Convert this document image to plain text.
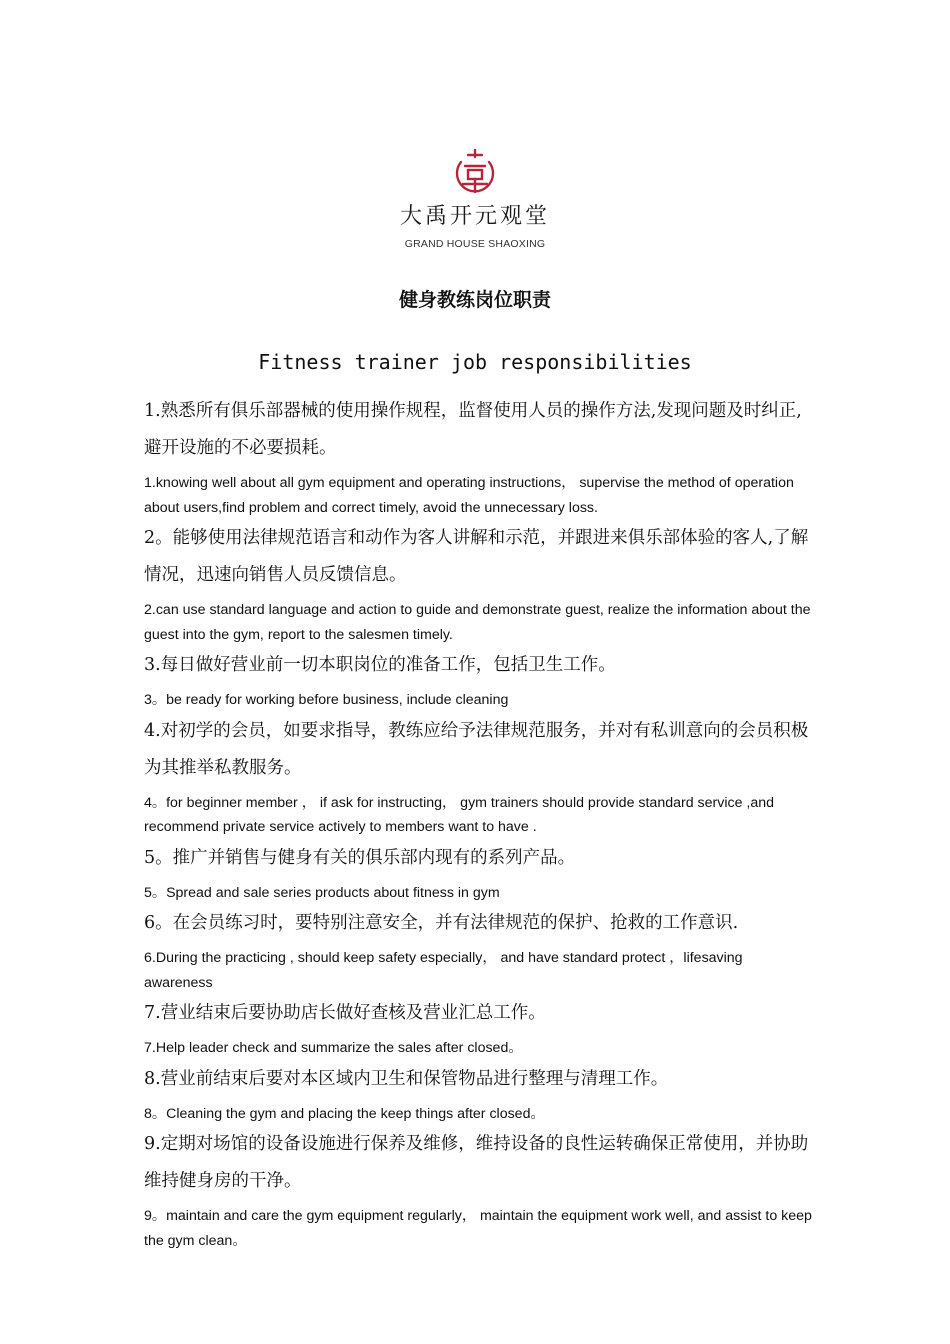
大禹开元观堂
GRAND HOUSE SHAOXING
健身教练岗位职责
Fitness trainer job responsibilities
1.熟悉所有俱乐部器械的使用操作规程，监督使用人员的操作方法,发现问题及时纠正,避开设施的不必要损耗。
1.knowing well about all gym equipment and operating instructions， supervise the method of operation about users,find problem and correct timely, avoid the unnecessary loss.
2。能够使用法律规范语言和动作为客人讲解和示范，并跟进来俱乐部体验的客人,了解情况，迅速向销售人员反馈信息。
2.can use standard language and action to guide and demonstrate guest, realize the information about the guest into the gym, report to the salesmen timely.
3.每日做好营业前一切本职岗位的准备工作，包括卫生工作。
3。be ready for working before business, include cleaning
4.对初学的会员，如要求指导，教练应给予法律规范服务，并对有私训意向的会员积极为其推举私教服务。
4。for beginner member ， if ask for instructing， gym trainers should provide standard service ,and recommend private service actively to members want to have .
5。推广并销售与健身有关的俱乐部内现有的系列产品。
5。Spread and sale series products about fitness in gym
6。在会员练习时，要特别注意安全，并有法律规范的保护、抢救的工作意识.
6.During the practicing , should keep safety especially， and have standard protect ，lifesaving awareness
7.营业结束后要协助店长做好查核及营业汇总工作。
7.Help leader check and summarize the sales after closed。
8.营业前结束后要对本区域内卫生和保管物品进行整理与清理工作。
8。Cleaning the gym and placing the keep things after closed。
9.定期对场馆的设备设施进行保养及维修，维持设备的良性运转确保正常使用，并协助维持健身房的干净。
9。maintain and care the gym equipment regularly， maintain the equipment work well, and assist to keep the gym clean。
